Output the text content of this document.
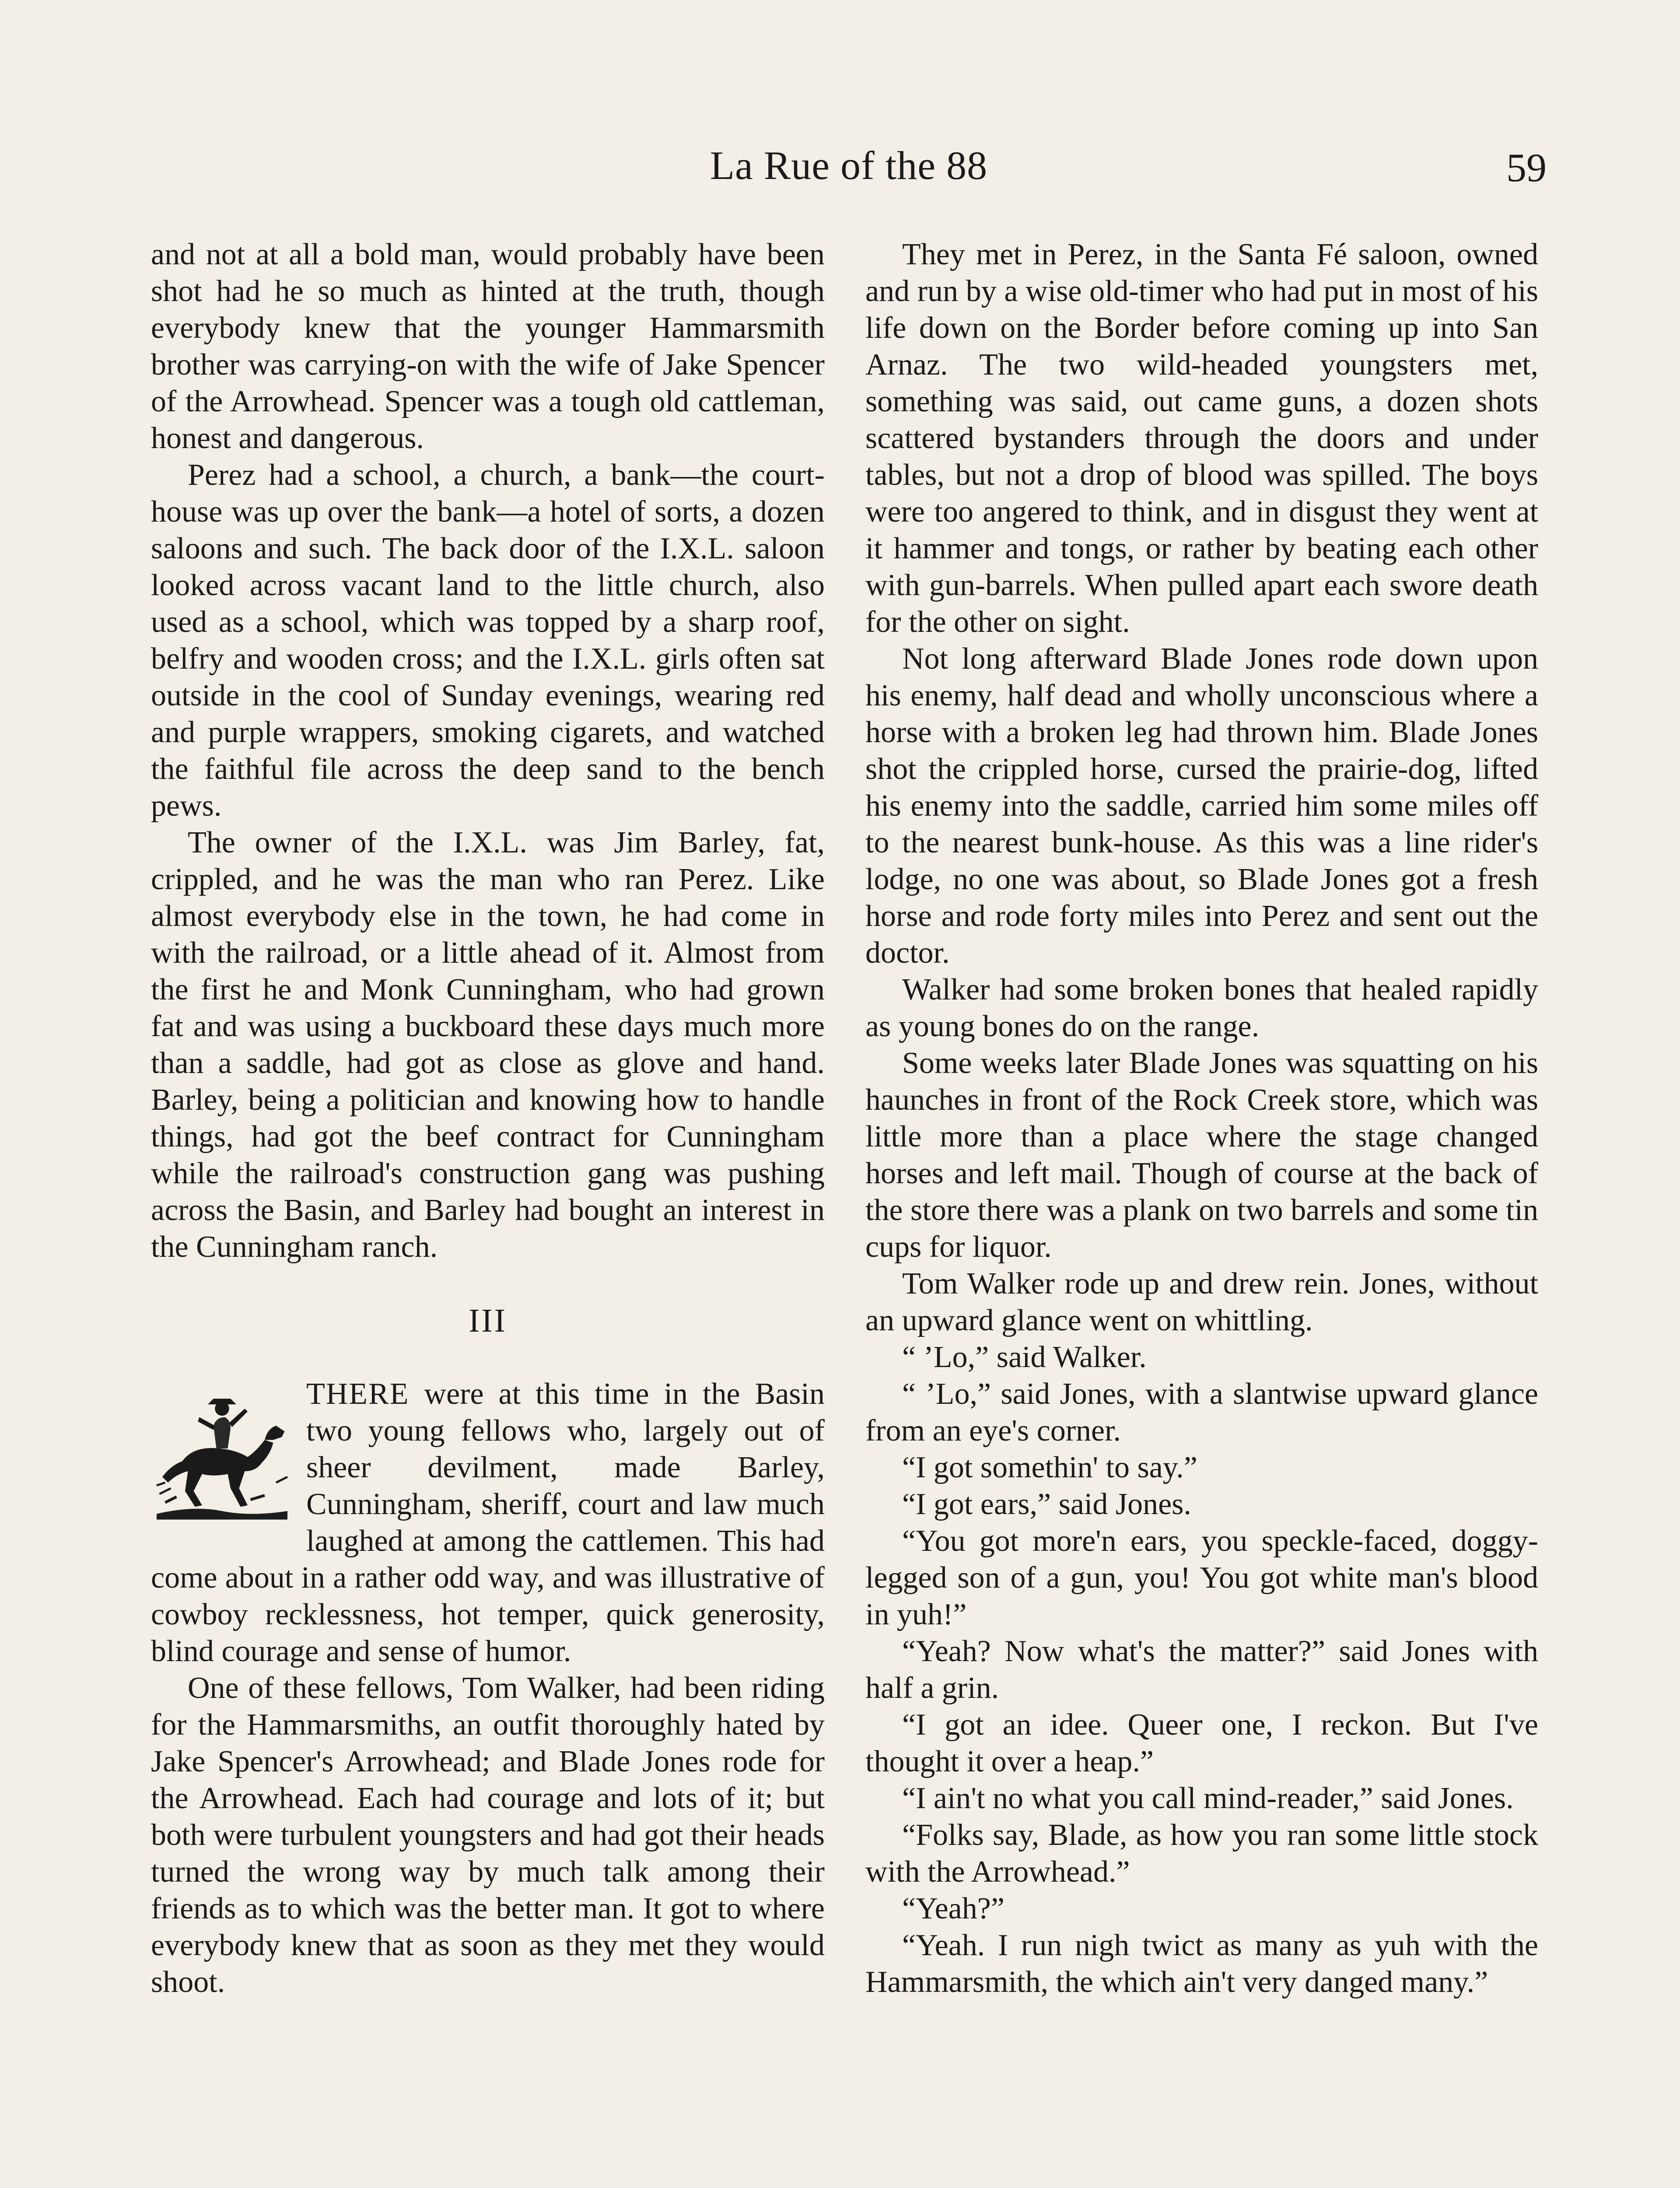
La Rue of the 88	59

and not at all a bold man, would probably have been shot had he so much as hinted at the truth, though everybody knew that the younger Hammarsmith brother was carrying-on with the wife of Jake Spencer of the Arrowhead. Spencer was a tough old cattleman, honest and dangerous.

Perez had a school, a church, a bank—the court-house was up over the bank—a hotel of sorts, a dozen saloons and such. The back door of the I.X.L. saloon looked across vacant land to the little church, also used as a school, which was topped by a sharp roof, belfry and wooden cross; and the I.X.L. girls often sat outside in the cool of Sunday evenings, wearing red and purple wrappers, smoking cigarets, and watched the faithful file across the deep sand to the bench pews.

The owner of the I.X.L. was Jim Barley, fat, crippled, and he was the man who ran Perez. Like almost everybody else in the town, he had come in with the railroad, or a little ahead of it. Almost from the first he and Monk Cunningham, who had grown fat and was using a buckboard these days much more than a saddle, had got as close as glove and hand. Barley, being a politician and knowing how to handle things, had got the beef contract for Cunningham while the railroad's construction gang was pushing across the Basin, and Barley had bought an interest in the Cunningham ranch.

III

THERE were at this time in the Basin two young fellows who, largely out of sheer devilment, made Barley, Cunningham, sheriff, court and law much laughed at among the cattlemen. This had come about in a rather odd way, and was illustrative of cowboy recklessness, hot temper, quick generosity, blind courage and sense of humor.

One of these fellows, Tom Walker, had been riding for the Hammarsmiths, an outfit thoroughly hated by Jake Spencer's Arrowhead; and Blade Jones rode for the Arrowhead. Each had courage and lots of it; but both were turbulent youngsters and had got their heads turned the wrong way by much talk among their friends as to which was the better man. It got to where everybody knew that as soon as they met they would shoot.

They met in Perez, in the Santa Fé saloon, owned and run by a wise old-timer who had put in most of his life down on the Border before coming up into San Arnaz. The two wild-headed youngsters met, something was said, out came guns, a dozen shots scattered bystanders through the doors and under tables, but not a drop of blood was spilled. The boys were too angered to think, and in disgust they went at it hammer and tongs, or rather by beating each other with gun-barrels. When pulled apart each swore death for the other on sight.

Not long afterward Blade Jones rode down upon his enemy, half dead and wholly unconscious where a horse with a broken leg had thrown him. Blade Jones shot the crippled horse, cursed the prairie-dog, lifted his enemy into the saddle, carried him some miles off to the nearest bunk-house. As this was a line rider's lodge, no one was about, so Blade Jones got a fresh horse and rode forty miles into Perez and sent out the doctor.

Walker had some broken bones that healed rapidly as young bones do on the range.

Some weeks later Blade Jones was squatting on his haunches in front of the Rock Creek store, which was little more than a place where the stage changed horses and left mail. Though of course at the back of the store there was a plank on two barrels and some tin cups for liquor.

Tom Walker rode up and drew rein. Jones, without an upward glance went on whittling.

“ ’Lo,” said Walker.

“ ’Lo,” said Jones, with a slantwise upward glance from an eye's corner.

“I got somethin' to say.”

“I got ears,” said Jones.

“You got more'n ears, you speckle-faced, doggy-legged son of a gun, you! You got white man's blood in yuh!”

“Yeah? Now what's the matter?” said Jones with half a grin.

“I got an idee. Queer one, I reckon. But I've thought it over a heap.”

“I ain't no what you call mind-reader,” said Jones.

“Folks say, Blade, as how you ran some little stock with the Arrowhead.”

“Yeah?”

“Yeah. I run nigh twict as many as yuh with the Hammarsmith, the which ain't very danged many.”
